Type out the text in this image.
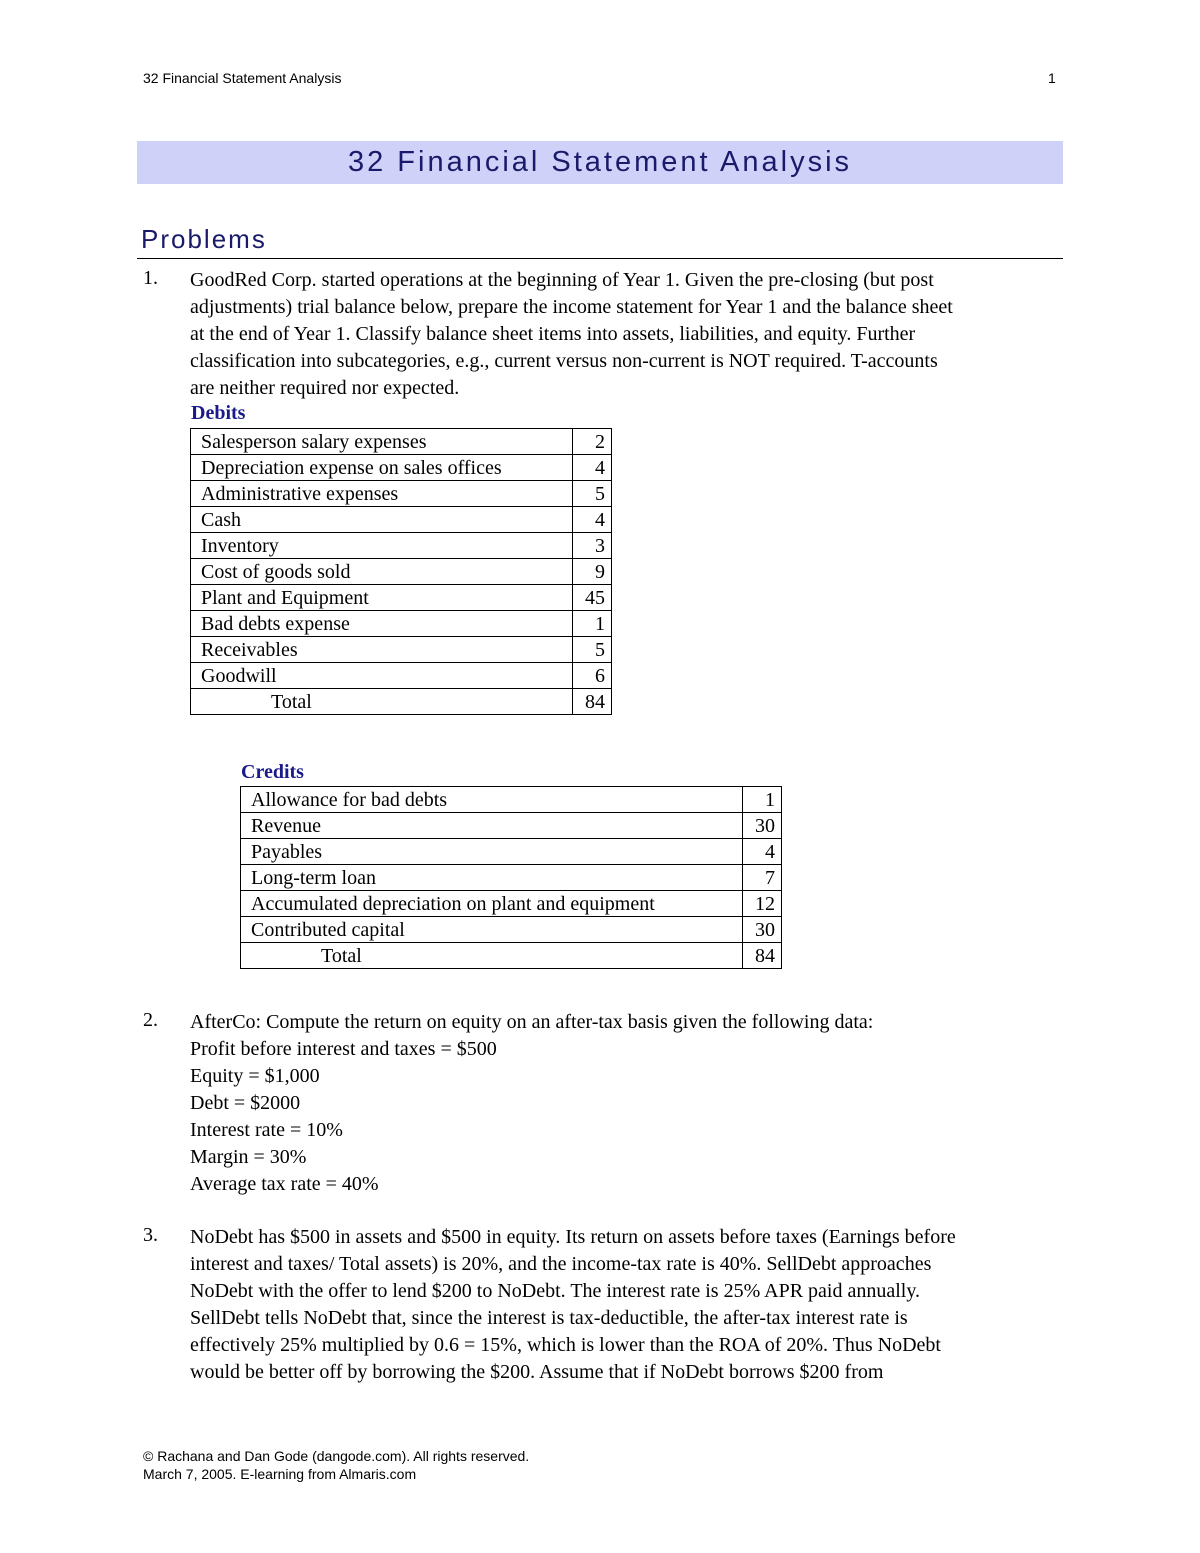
32 Financial Statement Analysis	1
32 Financial Statement Analysis
Problems
1. GoodRed Corp. started operations at the beginning of Year 1. Given the pre-closing (but post
adjustments) trial balance below, prepare the income statement for Year 1 and the balance sheet
at the end of Year 1. Classify balance sheet items into assets, liabilities, and equity. Further
classification into subcategories, e.g., current versus non-current is NOT required. T-accounts
are neither required nor expected.
Debits
Salesperson salary expenses	2
Depreciation expense on sales offices	4
Administrative expenses	5
Cash	4
Inventory	3
Cost of goods sold	9
Plant and Equipment	45
Bad debts expense	1
Receivables	5
Goodwill	6
Total	84
Credits
Allowance for bad debts	1
Revenue	30
Payables	4
Long-term loan	7
Accumulated depreciation on plant and equipment	12
Contributed capital	30
Total	84
2. AfterCo: Compute the return on equity on an after-tax basis given the following data:
Profit before interest and taxes = $500
Equity = $1,000
Debt = $2000
Interest rate = 10%
Margin = 30%
Average tax rate = 40%
3. NoDebt has $500 in assets and $500 in equity. Its return on assets before taxes (Earnings before
interest and taxes/ Total assets) is 20%, and the income-tax rate is 40%. SellDebt approaches
NoDebt with the offer to lend $200 to NoDebt. The interest rate is 25% APR paid annually.
SellDebt tells NoDebt that, since the interest is tax-deductible, the after-tax interest rate is
effectively 25% multiplied by 0.6 = 15%, which is lower than the ROA of 20%. Thus NoDebt
would be better off by borrowing the $200. Assume that if NoDebt borrows $200 from
© Rachana and Dan Gode (dangode.com). All rights reserved.
March 7, 2005. E-learning from Almaris.com
